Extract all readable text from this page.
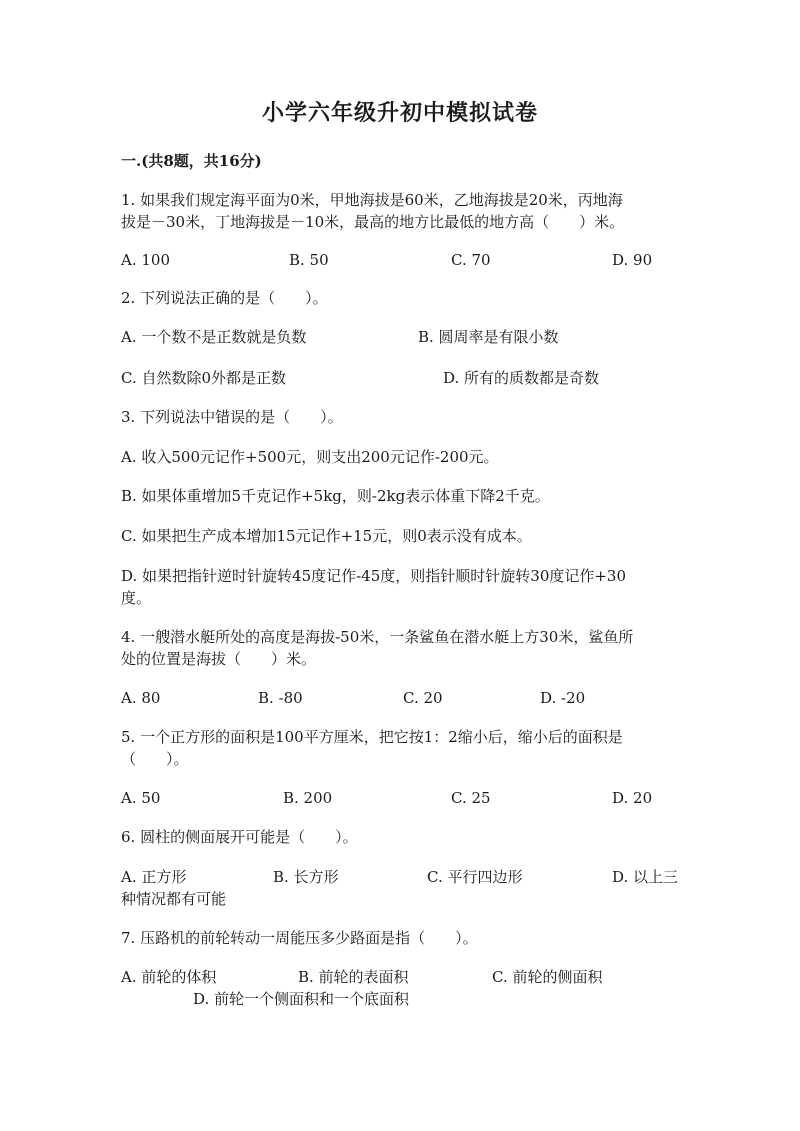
小学六年级升初中模拟试卷

一.(共8题，共16分)

1. 如果我们规定海平面为0米，甲地海拔是60米，乙地海拔是20米，丙地海

拔是－30米，丁地海拔是－10米，最高的地方比最低的地方高（　　）米。

A. 100	B. 50	C. 70	D. 90

2. 下列说法正确的是（　　）。

A. 一个数不是正数就是负数	B. 圆周率是有限小数
C. 自然数除0外都是正数	D. 所有的质数都是奇数

3. 下列说法中错误的是（　　）。

A. 收入500元记作+500元，则支出200元记作-200元。

B. 如果体重增加5千克记作+5kg，则-2kg表示体重下降2千克。

C. 如果把生产成本增加15元记作+15元，则0表示没有成本。

D. 如果把指针逆时针旋转45度记作-45度，则指针顺时针旋转30度记作+30

度。

4. 一艘潜水艇所处的高度是海拔-50米，一条鲨鱼在潜水艇上方30米，鲨鱼所

处的位置是海拔（　　）米。

A. 80	B. -80	C. 20	D. -20

5. 一个正方形的面积是100平方厘米，把它按1：2缩小后，缩小后的面积是

（　　）。

A. 50	B. 200	C. 25	D. 20

6. 圆柱的侧面展开可能是（　　）。

A. 正方形	B. 长方形	C. 平行四边形	D. 以上三
种情况都有可能

7. 压路机的前轮转动一周能压多少路面是指（　　）。

A. 前轮的体积	B. 前轮的表面积	C. 前轮的侧面积
D. 前轮一个侧面积和一个底面积
